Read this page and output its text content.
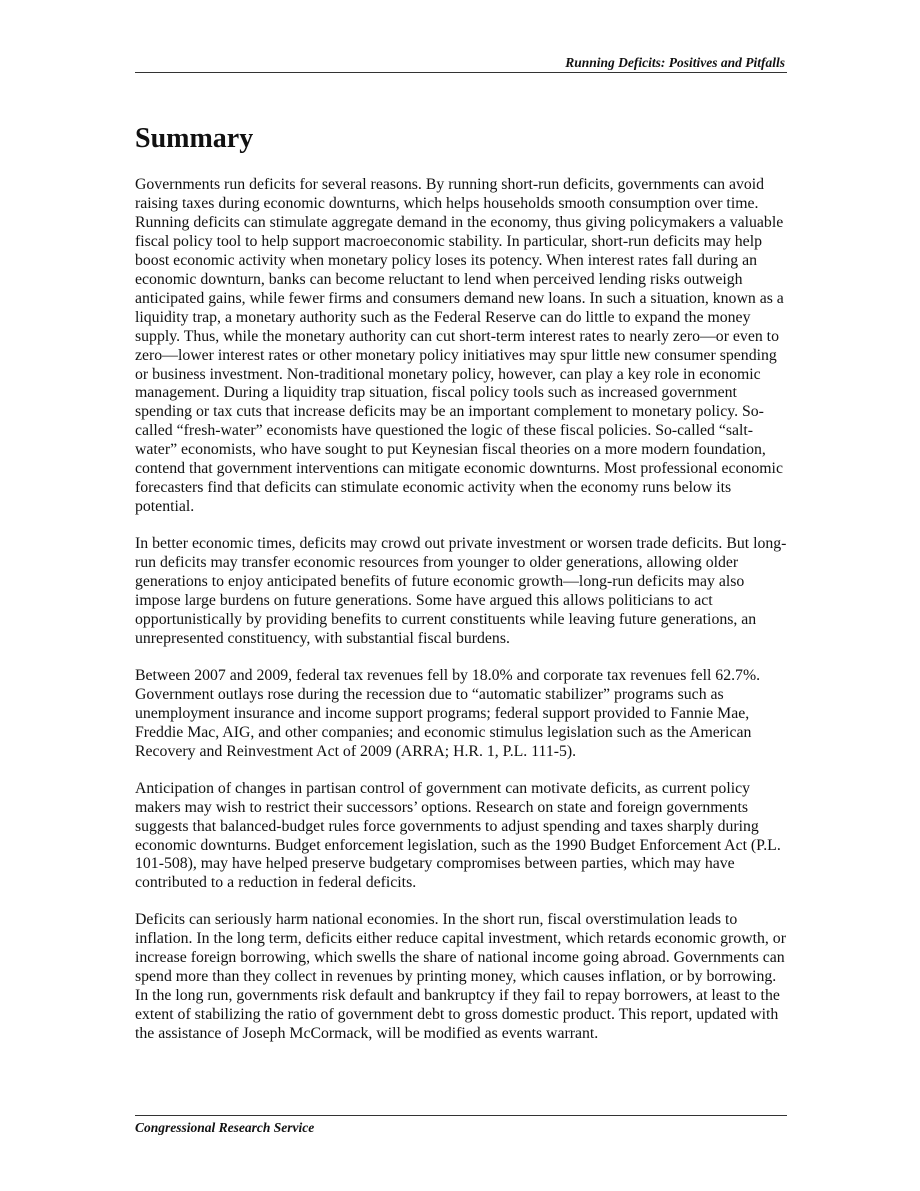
Running Deficits: Positives and Pitfalls
Summary

Governments run deficits for several reasons. By running short-run deficits, governments can avoid raising taxes during economic downturns, which helps households smooth consumption over time. Running deficits can stimulate aggregate demand in the economy, thus giving policymakers a valuable fiscal policy tool to help support macroeconomic stability. In particular, short-run deficits may help boost economic activity when monetary policy loses its potency. When interest rates fall during an economic downturn, banks can become reluctant to lend when perceived lending risks outweigh anticipated gains, while fewer firms and consumers demand new loans. In such a situation, known as a liquidity trap, a monetary authority such as the Federal Reserve can do little to expand the money supply. Thus, while the monetary authority can cut short-term interest rates to nearly zero—or even to zero—lower interest rates or other monetary policy initiatives may spur little new consumer spending or business investment. Non-traditional monetary policy, however, can play a key role in economic management. During a liquidity trap situation, fiscal policy tools such as increased government spending or tax cuts that increase deficits may be an important complement to monetary policy. So-called “fresh-water” economists have questioned the logic of these fiscal policies. So-called “salt-water” economists, who have sought to put Keynesian fiscal theories on a more modern foundation, contend that government interventions can mitigate economic downturns. Most professional economic forecasters find that deficits can stimulate economic activity when the economy runs below its potential.

In better economic times, deficits may crowd out private investment or worsen trade deficits. But long-run deficits may transfer economic resources from younger to older generations, allowing older generations to enjoy anticipated benefits of future economic growth—long-run deficits may also impose large burdens on future generations. Some have argued this allows politicians to act opportunistically by providing benefits to current constituents while leaving future generations, an unrepresented constituency, with substantial fiscal burdens.

Between 2007 and 2009, federal tax revenues fell by 18.0% and corporate tax revenues fell 62.7%. Government outlays rose during the recession due to “automatic stabilizer” programs such as unemployment insurance and income support programs; federal support provided to Fannie Mae, Freddie Mac, AIG, and other companies; and economic stimulus legislation such as the American Recovery and Reinvestment Act of 2009 (ARRA; H.R. 1, P.L. 111-5).

Anticipation of changes in partisan control of government can motivate deficits, as current policy makers may wish to restrict their successors’ options. Research on state and foreign governments suggests that balanced-budget rules force governments to adjust spending and taxes sharply during economic downturns. Budget enforcement legislation, such as the 1990 Budget Enforcement Act (P.L. 101-508), may have helped preserve budgetary compromises between parties, which may have contributed to a reduction in federal deficits.

Deficits can seriously harm national economies. In the short run, fiscal overstimulation leads to inflation. In the long term, deficits either reduce capital investment, which retards economic growth, or increase foreign borrowing, which swells the share of national income going abroad. Governments can spend more than they collect in revenues by printing money, which causes inflation, or by borrowing. In the long run, governments risk default and bankruptcy if they fail to repay borrowers, at least to the extent of stabilizing the ratio of government debt to gross domestic product. This report, updated with the assistance of Joseph McCormack, will be modified as events warrant.

Congressional Research Service
